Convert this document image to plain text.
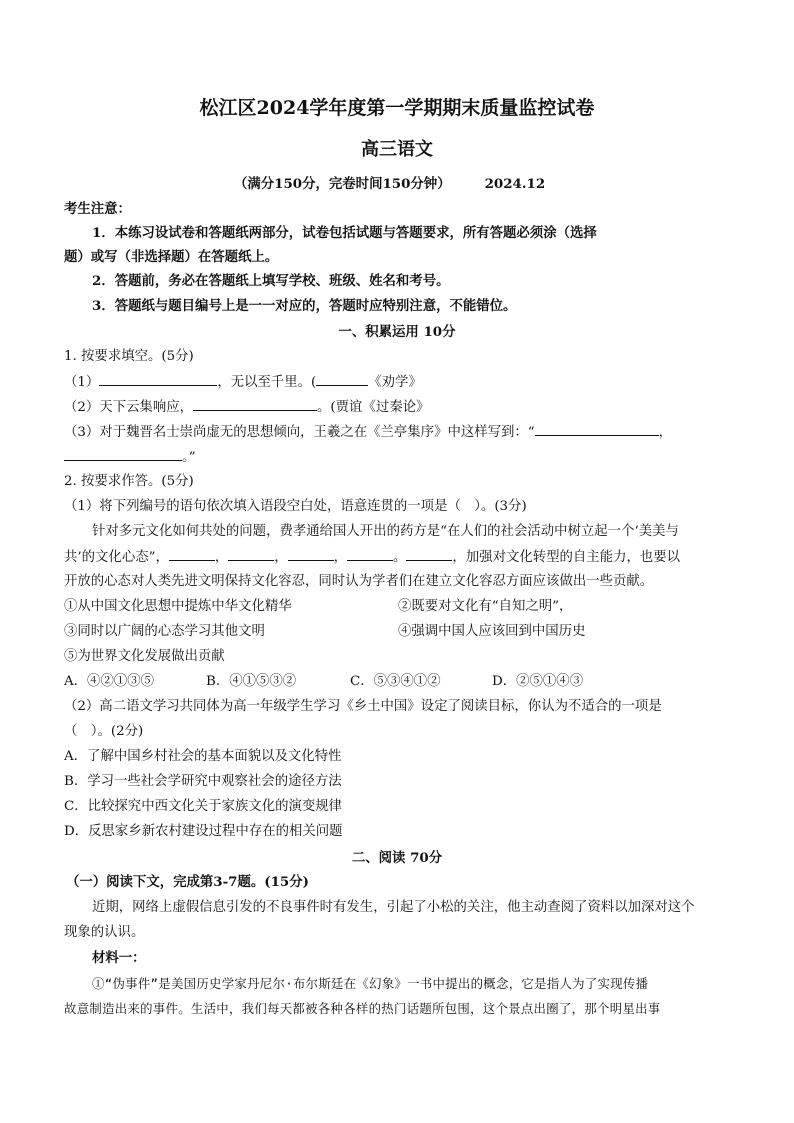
松江区2024学年度第一学期期末质量监控试卷
高三语文
（满分150分，完卷时间150分钟）	2024.12
考生注意：
1．本练习设试卷和答题纸两部分，试卷包括试题与答题要求，所有答题必须涂（选择
题）或写（非选择题）在答题纸上。
2．答题前，务必在答题纸上填写学校、班级、姓名和考号。
3．答题纸与题目编号上是一一对应的，答题时应特别注意，不能错位。
一、积累运用 10分
1. 按要求填空。(5分)
（1）	，无以至千里。(	《劝学》
（2）天下云集响应，	。(贾谊《过秦论》
（3）对于魏晋名士崇尚虚无的思想倾向，王羲之在《兰亭集序》中这样写到：“	，
。”
2. 按要求作答。(5分)
（1）将下列编号的语句依次填入语段空白处，语意连贯的一项是（　）。(3分)
针对多元文化如何共处的问题，费孝通给国人开出的药方是“在人们的社会活动中树立起一个‘美美与
共’的文化心态”，	，	，	，	。	，加强对文化转型的自主能力，也要以
开放的心态对人类先进文明保持文化容忍，同时认为学者们在建立文化容忍方面应该做出一些贡献。
①从中国文化思想中提炼中华文化精华	②既要对文化有“自知之明”，
③同时以广阔的心态学习其他文明	④强调中国人应该回到中国历史
⑤为世界文化发展做出贡献
A．④②①③⑤	B．④①⑤③②	C．⑤③④①②	D．②⑤①④③
（2）高二语文学习共同体为高一年级学生学习《乡土中国》设定了阅读目标，你认为不适合的一项是
（　）。(2分)
A．了解中国乡村社会的基本面貌以及文化特性
B．学习一些社会学研究中观察社会的途径方法
C．比较探究中西文化关于家族文化的演变规律
D．反思家乡新农村建设过程中存在的相关问题
二、阅读 70分
（一）阅读下文，完成第3-7题。(15分)
近期，网络上虚假信息引发的不良事件时有发生，引起了小松的关注，他主动查阅了资料以加深对这个
现象的认识。
材料一：
①“伪事件”是美国历史学家丹尼尔·布尔斯廷在《幻象》一书中提出的概念，它是指人为了实现传播
故意制造出来的事件。生活中，我们每天都被各种各样的热门话题所包围，这个景点出圈了，那个明星出事
